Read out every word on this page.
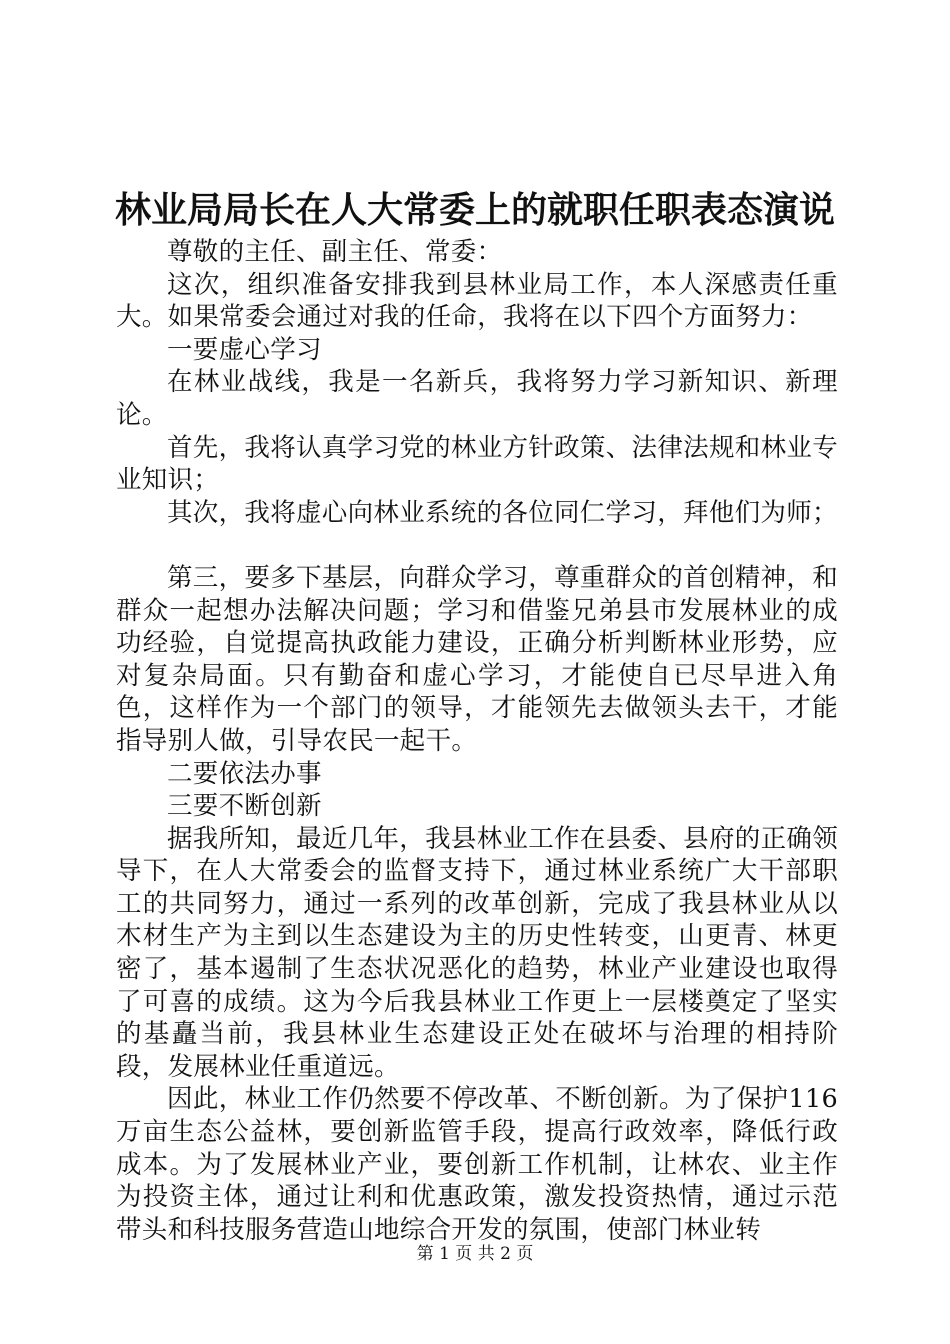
林业局局长在人大常委上的就职任职表态演说

尊敬的主任、副主任、常委：

这次，组织准备安排我到县林业局工作，本人深感责任重大。如果常委会通过对我的任命，我将在以下四个方面努力：

一要虚心学习

在林业战线，我是一名新兵，我将努力学习新知识、新理论。

首先，我将认真学习党的林业方针政策、法律法规和林业专业知识；

其次，我将虚心向林业系统的各位同仁学习，拜他们为师；

第三，要多下基层，向群众学习，尊重群众的首创精神，和群众一起想办法解决问题；学习和借鉴兄弟县市发展林业的成功经验，自觉提高执政能力建设，正确分析判断林业形势，应对复杂局面。只有勤奋和虚心学习，才能使自已尽早进入角色，这样作为一个部门的领导，才能领先去做领头去干，才能指导别人做，引导农民一起干。

二要依法办事

三要不断创新

据我所知，最近几年，我县林业工作在县委、县府的正确领导下，在人大常委会的监督支持下，通过林业系统广大干部职工的共同努力，通过一系列的改革创新，完成了我县林业从以木材生产为主到以生态建设为主的历史性转变，山更青、林更密了，基本遏制了生态状况恶化的趋势，林业产业建设也取得了可喜的成绩。这为今后我县林业工作更上一层楼奠定了坚实的基矗当前，我县林业生态建设正处在破坏与治理的相持阶段，发展林业任重道远。

因此，林业工作仍然要不停改革、不断创新。为了保护116万亩生态公益林，要创新监管手段，提高行政效率，降低行政成本。为了发展林业产业，要创新工作机制，让林农、业主作为投资主体，通过让利和优惠政策，激发投资热情，通过示范带头和科技服务营造山地综合开发的氛围，使部门林业转

第 1 页 共 2 页
